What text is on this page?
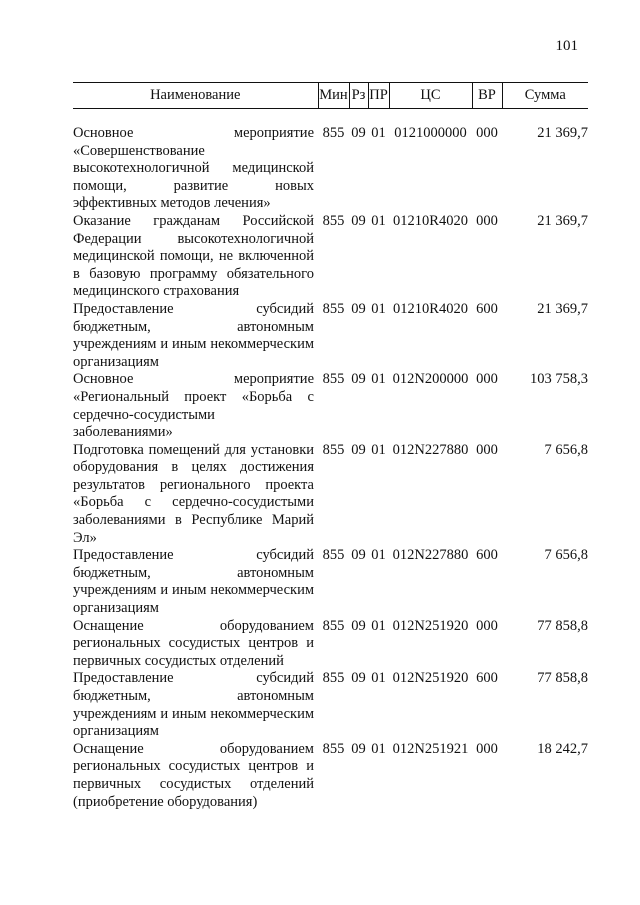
101
Наименование	Мин	Рз	ПР	ЦС	ВР	Сумма
Основное мероприятие «Совершенствование высокотехнологичной медицинской помощи, развитие новых эффективных методов лечения»	855	09	01	0121000000	000	21 369,7
Оказание гражданам Российской Федерации высокотехнологичной медицинской помощи, не включенной в базовую программу обязательного медицинского страхования	855	09	01	01210R4020	000	21 369,7
Предоставление субсидий бюджетным, автономным учреждениям и иным некоммерческим организациям	855	09	01	01210R4020	600	21 369,7
Основное мероприятие «Региональный проект «Борьба с сердечно-сосудистыми заболеваниями»	855	09	01	012N200000	000	103 758,3
Подготовка помещений для установки оборудования в целях достижения результатов регионального проекта «Борьба с сердечно-сосудистыми заболеваниями в Республике Марий Эл»	855	09	01	012N227880	000	7 656,8
Предоставление субсидий бюджетным, автономным учреждениям и иным некоммерческим организациям	855	09	01	012N227880	600	7 656,8
Оснащение оборудованием региональных сосудистых центров и первичных сосудистых отделений	855	09	01	012N251920	000	77 858,8
Предоставление субсидий бюджетным, автономным учреждениям и иным некоммерческим организациям	855	09	01	012N251920	600	77 858,8
Оснащение оборудованием региональных сосудистых центров и первичных сосудистых отделений (приобретение оборудования)	855	09	01	012N251921	000	18 242,7
